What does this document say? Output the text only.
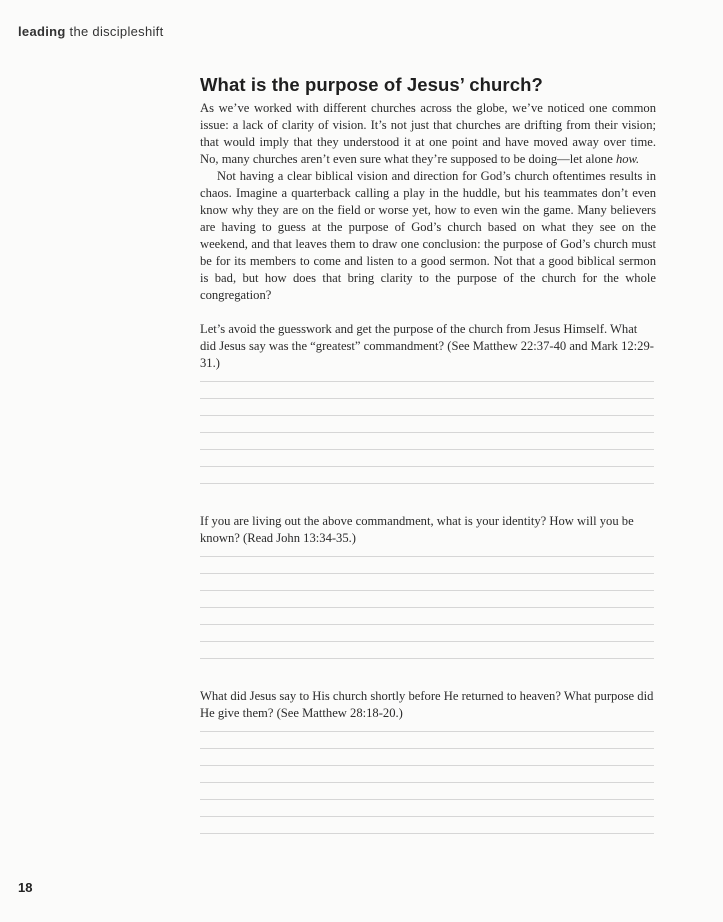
leading the discipleshift
What is the purpose of Jesus’ church?

As we’ve worked with different churches across the globe, we’ve noticed one common issue: a lack of clarity of vision. It’s not just that churches are drifting from their vision; that would imply that they understood it at one point and have moved away over time. No, many churches aren’t even sure what they’re supposed to be doing—let alone how.

Not having a clear biblical vision and direction for God’s church oftentimes results in chaos. Imagine a quarterback calling a play in the huddle, but his teammates don’t even know why they are on the field or worse yet, how to even win the game. Many believers are having to guess at the purpose of God’s church based on what they see on the weekend, and that leaves them to draw one conclusion: the purpose of God’s church must be for its members to come and listen to a good sermon. Not that a good biblical sermon is bad, but how does that bring clarity to the purpose of the church for the whole congregation?

Let’s avoid the guesswork and get the purpose of the church from Jesus Himself. What did Jesus say was the “greatest” commandment? (See Matthew 22:37-40 and Mark 12:29-31.)
If you are living out the above commandment, what is your identity? How will you be known? (Read John 13:34-35.)
What did Jesus say to His church shortly before He returned to heaven? What purpose did He give them? (See Matthew 28:18-20.)
18
